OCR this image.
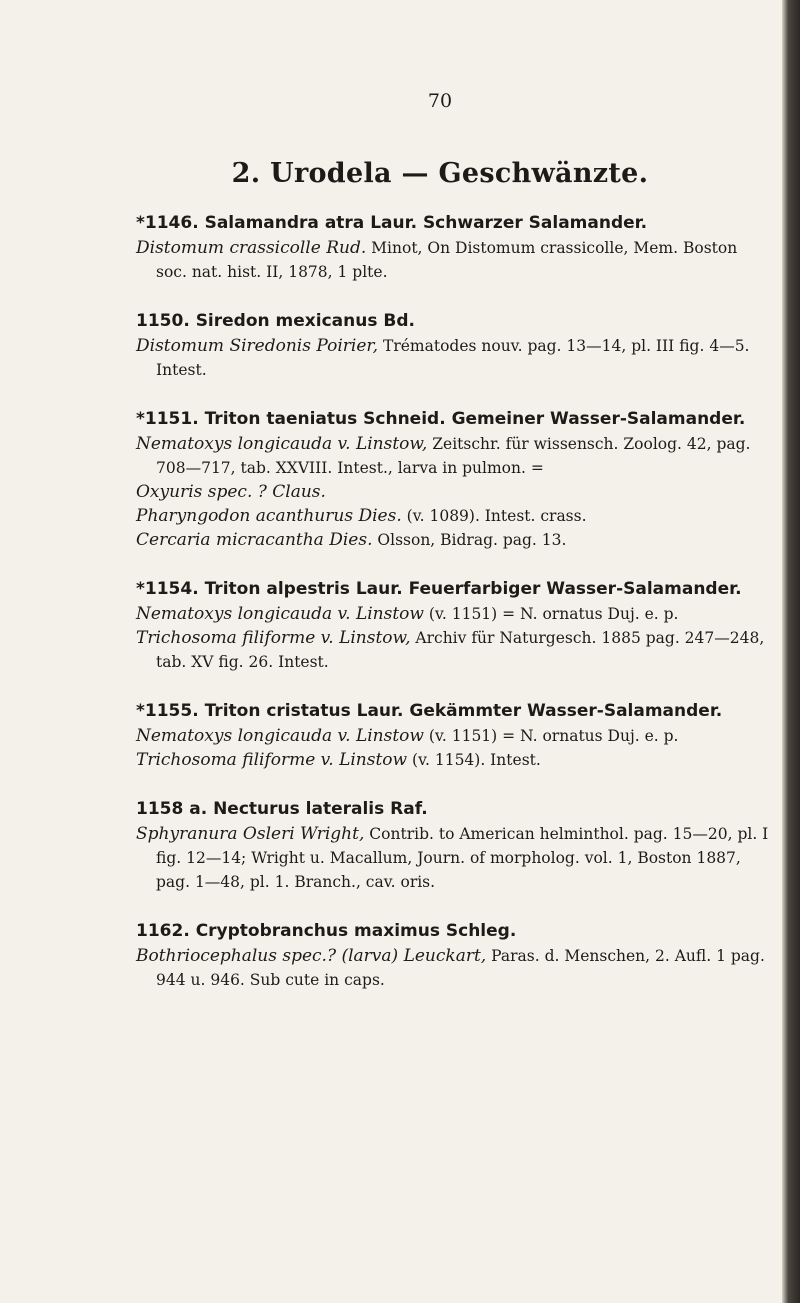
70
2. Urodela — Geschwänzte.
*1146. Salamandra atra Laur. Schwarzer Salamander.

Distomum crassicolle Rud. Minot, On Distomum crassicolle, Mem. Boston soc. nat. hist. II, 1878, 1 plte.

1150. Siredon mexicanus Bd.

Distomum Siredonis Poirier, Trématodes nouv. pag. 13—14, pl. III fig. 4—5. Intest.

*1151. Triton taeniatus Schneid. Gemeiner Wasser-Salamander.

Nematoxys longicauda v. Linstow, Zeitschr. für wissensch. Zoolog. 42, pag. 708—717, tab. XXVIII. Intest., larva in pulmon. =

Oxyuris spec. ? Claus.

Pharyngodon acanthurus Dies. (v. 1089). Intest. crass.

Cercaria micracantha Dies. Olsson, Bidrag. pag. 13.

*1154. Triton alpestris Laur. Feuerfarbiger Wasser-Salamander.

Nematoxys longicauda v. Linstow (v. 1151) = N. ornatus Duj. e. p.

Trichosoma filiforme v. Linstow, Archiv für Naturgesch. 1885 pag. 247—248, tab. XV fig. 26. Intest.

*1155. Triton cristatus Laur. Gekämmter Wasser-Salamander.

Nematoxys longicauda v. Linstow (v. 1151) = N. ornatus Duj. e. p.

Trichosoma filiforme v. Linstow (v. 1154). Intest.

1158 a. Necturus lateralis Raf.

Sphyranura Osleri Wright, Contrib. to American helminthol. pag. 15—20, pl. I fig. 12—14; Wright u. Macallum, Journ. of morpholog. vol. 1, Boston 1887, pag. 1—48, pl. 1. Branch., cav. oris.

1162. Cryptobranchus maximus Schleg.

Bothriocephalus spec.? (larva) Leuckart, Paras. d. Menschen, 2. Aufl. 1 pag. 944 u. 946. Sub cute in caps.
